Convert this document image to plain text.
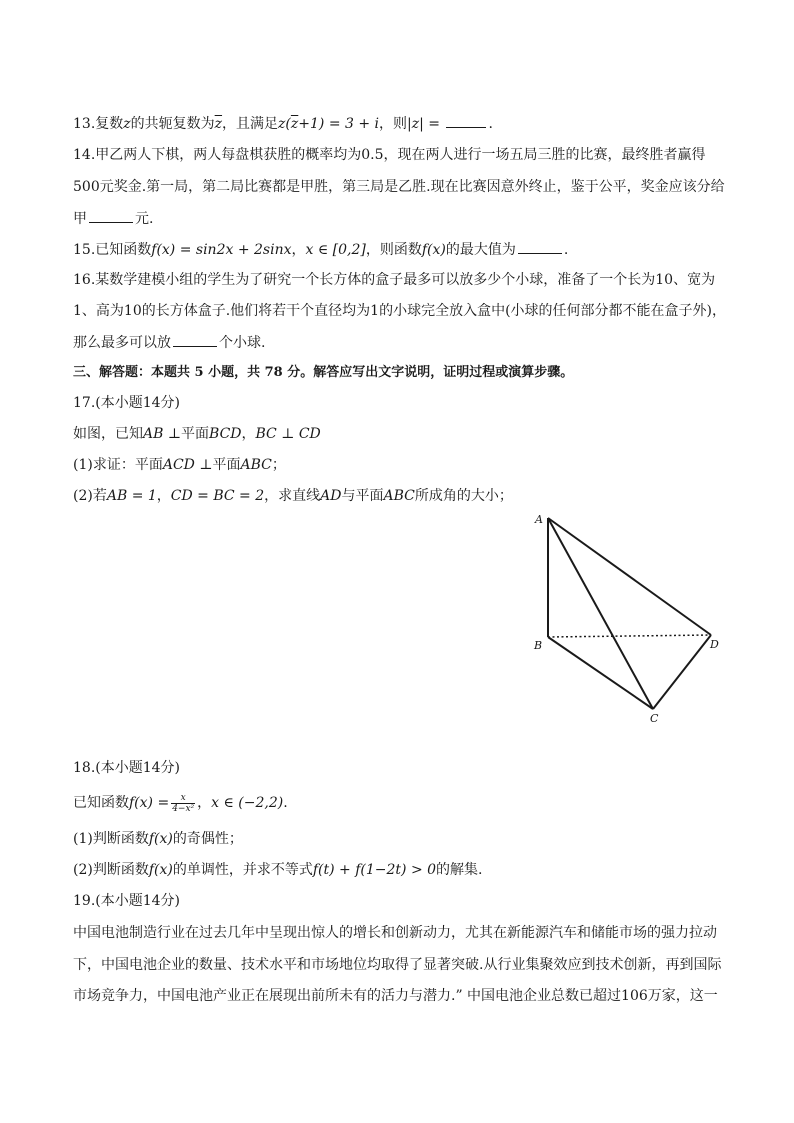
13.复数z的共轭复数为$\overline{z}$，且满足$z(\overline{z}+1) = 3 + i$，则|z| =	.
14.甲乙两人下棋，两人每盘棋获胜的概率均为0.5，现在两人进行一场五局三胜的比赛，最终胜者赢得
500元奖金.第一局，第二局比赛都是甲胜，第三局是乙胜.现在比赛因意外终止，鉴于公平，奖金应该分给
甲	元.
15.已知函数f(x) = sin2x + 2sinx，x ∈ [0,2]，则函数f(x)的最大值为	.
16.某数学建模小组的学生为了研究一个长方体的盒子最多可以放多少个小球，准备了一个长为10、宽为
1、高为10的长方体盒子.他们将若干个直径均为1的小球完全放入盒中(小球的任何部分都不能在盒子外)，
那么最多可以放	个小球.
三、解答题：本题共 5 小题，共 78 分。解答应写出文字说明，证明过程或演算步骤。
17.(本小题14分)
如图，已知AB ⊥平面BCD，BC ⊥ CD
(1)求证：平面ACD ⊥平面ABC；
(2)若AB = 1，CD = BC = 2，求直线AD与平面ABC所成角的大小；
A
B
C
D
18.(本小题14分)
已知函数$f(x) = \frac{x}{\text{4−x²}}$ ，x ∈ (−2,2).
(1)判断函数f(x)的奇偶性；
(2)判断函数f(x)的单调性，并求不等式f(t) + f(1−2t) > 0的解集.
19.(本小题14分)
中国电池制造行业在过去几年中呈现出惊人的增长和创新动力，尤其在新能源汽车和储能市场的强力拉动
下，中国电池企业的数量、技术水平和市场地位均取得了显著突破.从行业集聚效应到技术创新，再到国际
市场竞争力，中国电池产业正在展现出前所未有的活力与潜力.” 中国电池企业总数已超过106万家，这一
